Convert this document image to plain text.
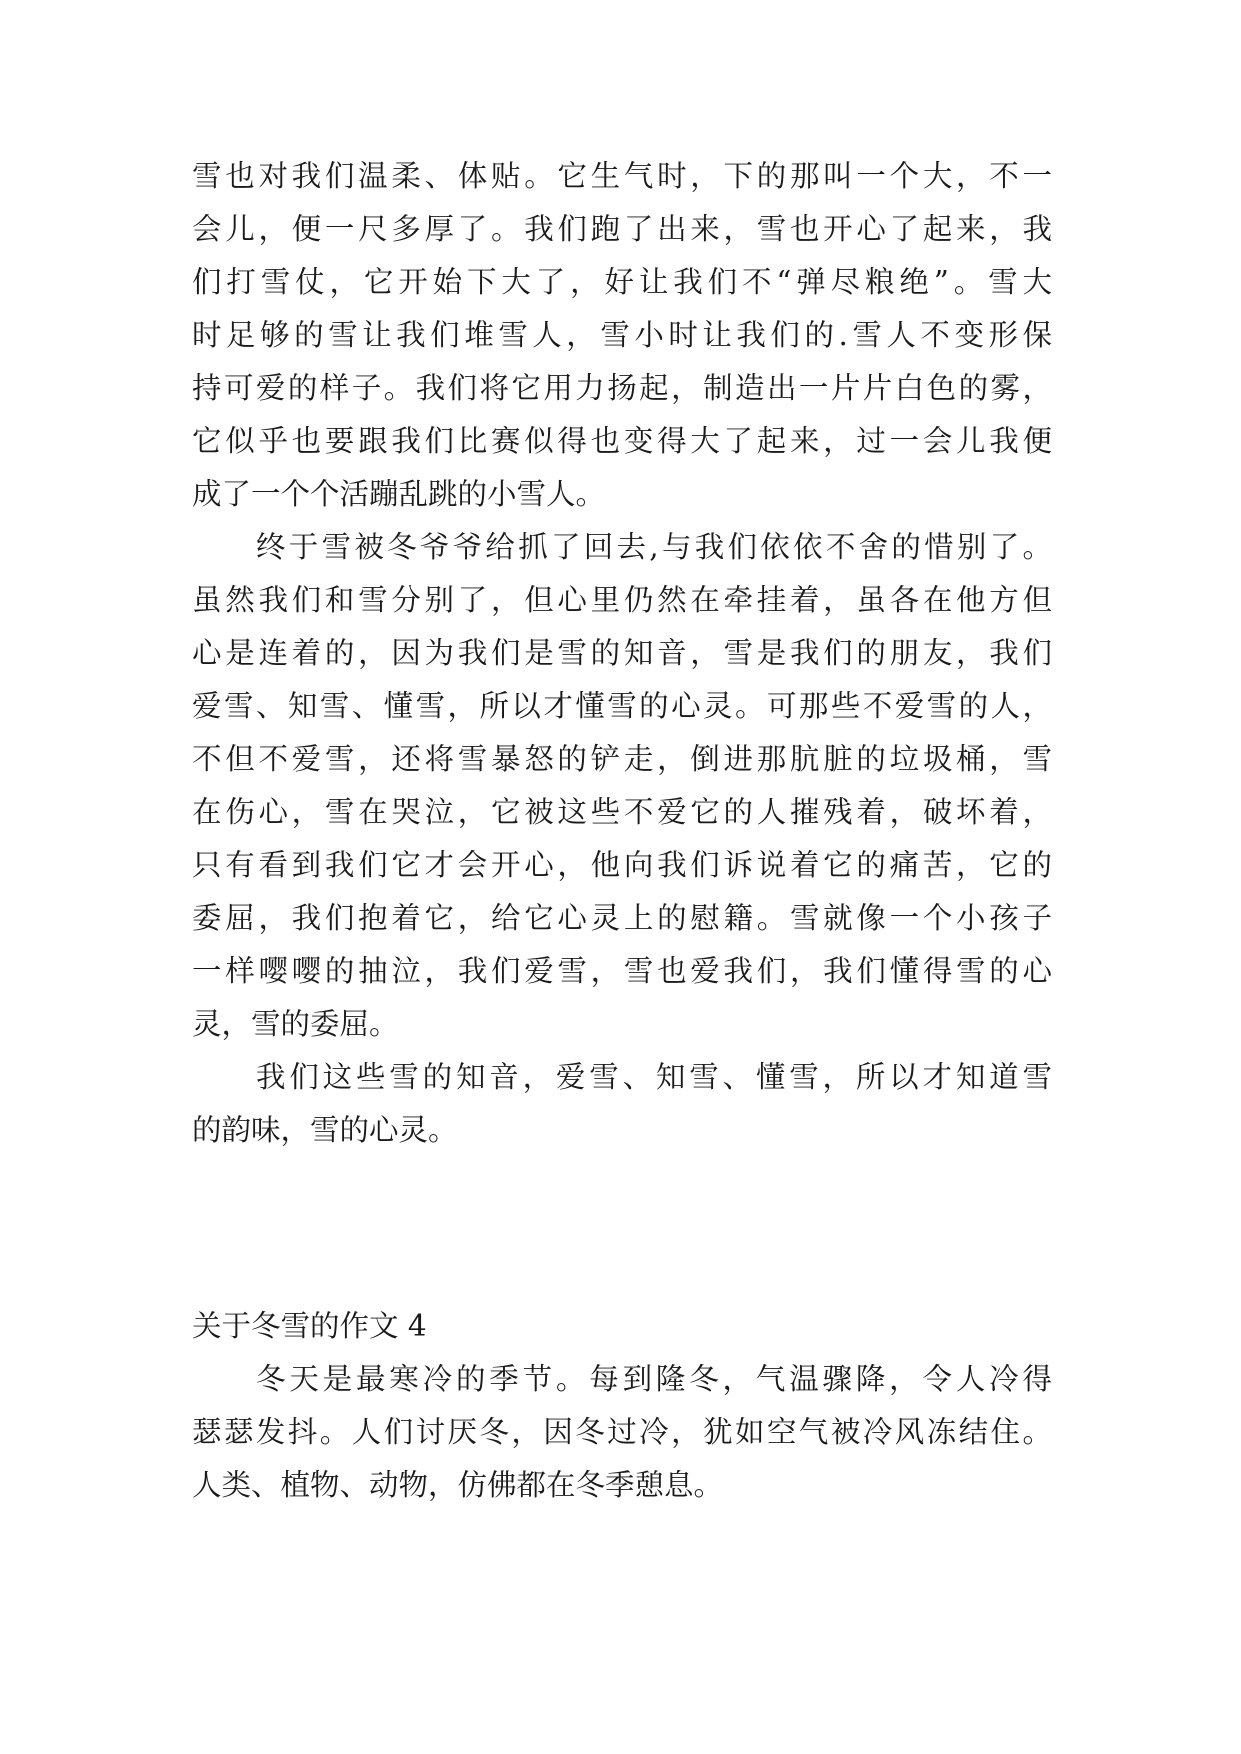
雪也对我们温柔、体贴。它生气时，下的那叫一个大，不一
会儿，便一尺多厚了。我们跑了出来，雪也开心了起来，我
们打雪仗，它开始下大了，好让我们不“弹尽粮绝”。雪大
时足够的雪让我们堆雪人，雪小时让我们的.雪人不变形保
持可爱的样子。我们将它用力扬起，制造出一片片白色的雾，
它似乎也要跟我们比赛似得也变得大了起来，过一会儿我便
成了一个个活蹦乱跳的小雪人。
终于雪被冬爷爷给抓了回去,与我们依依不舍的惜别了。
虽然我们和雪分别了，但心里仍然在牵挂着，虽各在他方但
心是连着的，因为我们是雪的知音，雪是我们的朋友，我们
爱雪、知雪、懂雪，所以才懂雪的心灵。可那些不爱雪的人，
不但不爱雪，还将雪暴怒的铲走，倒进那肮脏的垃圾桶，雪
在伤心，雪在哭泣，它被这些不爱它的人摧残着，破坏着，
只有看到我们它才会开心，他向我们诉说着它的痛苦，它的
委屈，我们抱着它，给它心灵上的慰籍。雪就像一个小孩子
一样嘤嘤的抽泣，我们爱雪，雪也爱我们，我们懂得雪的心
灵，雪的委屈。
我们这些雪的知音，爱雪、知雪、懂雪，所以才知道雪
的韵味，雪的心灵。
关于冬雪的作文 4
冬天是最寒冷的季节。每到隆冬，气温骤降，令人冷得
瑟瑟发抖。人们讨厌冬，因冬过冷，犹如空气被冷风冻结住。
人类、植物、动物，仿佛都在冬季憩息。
